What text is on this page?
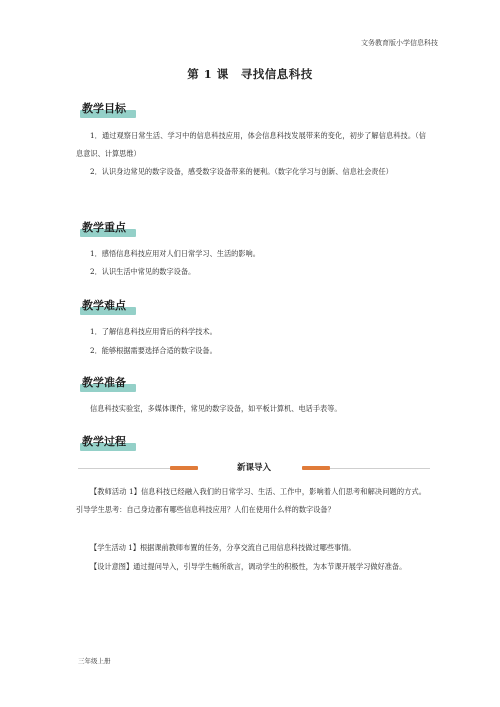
文务教育版小学信息科技
第 1 课　寻找信息科技
教学目标
1．通过观察日常生活、学习中的信息科技应用，体会信息科技发展带来的变化，初步了解信息科技。（信息意识、计算思维）
2．认识身边常见的数字设备，感受数字设备带来的便利。（数字化学习与创新、信息社会责任）
教学重点
1．感悟信息科技应用对人们日常学习、生活的影响。
2．认识生活中常见的数字设备。
教学难点
1．了解信息科技应用背后的科学技术。
2．能够根据需要选择合适的数字设备。
教学准备
信息科技实验室，多媒体课件，常见的数字设备，如平板计算机、电话手表等。
教学过程
新课导入
【教师活动 1】信息科技已经融入我们的日常学习、生活、工作中，影响着人们思考和解决问题的方式。引导学生思考：自己身边都有哪些信息科技应用？人们在使用什么样的数字设备？
【学生活动 1】根据课前教师布置的任务，分享交流自己用信息科技做过哪些事情。
【设计意图】通过提问导入，引导学生畅所欲言，调动学生的积极性，为本节课开展学习做好准备。
三年级上册
